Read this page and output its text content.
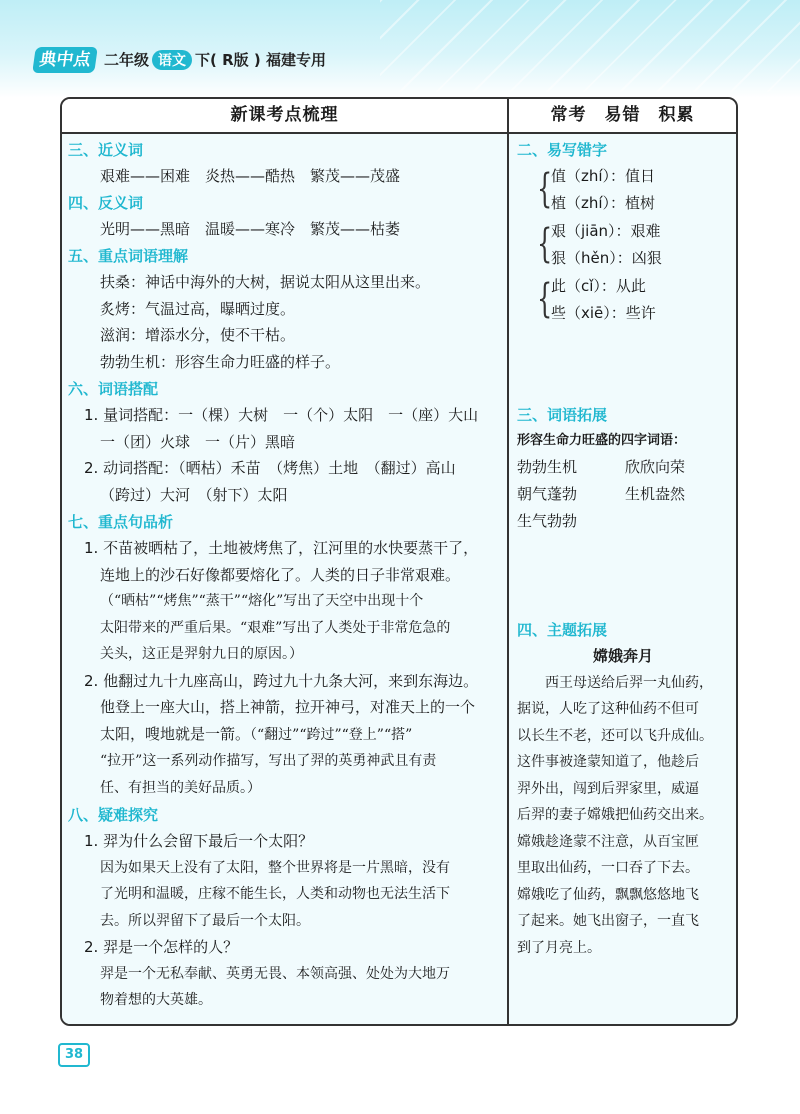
典中点 二年级 语文 下( R版 ) 福建专用
新课考点梳理
三、近义词
艰难——困难　炎热——酷热　繁茂——茂盛
四、反义词
光明——黑暗　温暖——寒冷　繁茂——枯萎
五、重点词语理解
扶桑：神话中海外的大树，据说太阳从这里出来。
炙烤：气温过高，曝晒过度。
滋润：增添水分，使不干枯。
勃勃生机：形容生命力旺盛的样子。
六、词语搭配
1. 量词搭配：一（棵）大树　一（个）太阳　一（座）大山
一（团）火球　一（片）黑暗
2. 动词搭配：（晒枯）禾苗　（烤焦）土地　（翻过）高山
（跨过）大河　（射下）太阳
七、重点句品析
1. 不苗被晒枯了，土地被烤焦了，江河里的水快要蒸干了，
连地上的沙石好像都要熔化了。人类的日子非常艰难。
（“晒枯”“烤焦”“蒸干”“熔化”写出了天空中出现十个
太阳带来的严重后果。“艰难”写出了人类处于非常危急的
关头，这正是羿射九日的原因。）
2. 他翻过九十九座高山，跨过九十九条大河，来到东海边。
他登上一座大山，搭上神箭，拉开神弓，对准天上的一个
太阳，嗖地就是一箭。（“翻过”“跨过”“登上”“搭”
“拉开”这一系列动作描写，写出了羿的英勇神武且有责
任、有担当的美好品质。）
八、疑难探究
1. 羿为什么会留下最后一个太阳？
因为如果天上没有了太阳，整个世界将是一片黑暗，没有
了光明和温暖，庄稼不能生长，人类和动物也无法生活下
去。所以羿留下了最后一个太阳。
2. 羿是一个怎样的人？
羿是一个无私奉献、英勇无畏、本领高强、处处为大地万
物着想的大英雄。
常考　易错　积累
二、易写错字
{
值（zhí）：值日
植（zhí）：植树
{
艰（jiān）：艰难
狠（hěn）：凶狠
{
此（cǐ）：从此
些（xiē）：些许
三、词语拓展
形容生命力旺盛的四字词语：
勃勃生机	欣欣向荣
朝气蓬勃	生机盎然
生气勃勃
四、主题拓展
嫦娥奔月
　　西王母送给后羿一丸仙药，
据说，人吃了这种仙药不但可
以长生不老，还可以飞升成仙。
这件事被逄蒙知道了，他趁后
羿外出，闯到后羿家里，威逼
后羿的妻子嫦娥把仙药交出来。
嫦娥趁逄蒙不注意，从百宝匣
里取出仙药，一口吞了下去。
嫦娥吃了仙药，飘飘悠悠地飞
了起来。她飞出窗子，一直飞
到了月亮上。
38
